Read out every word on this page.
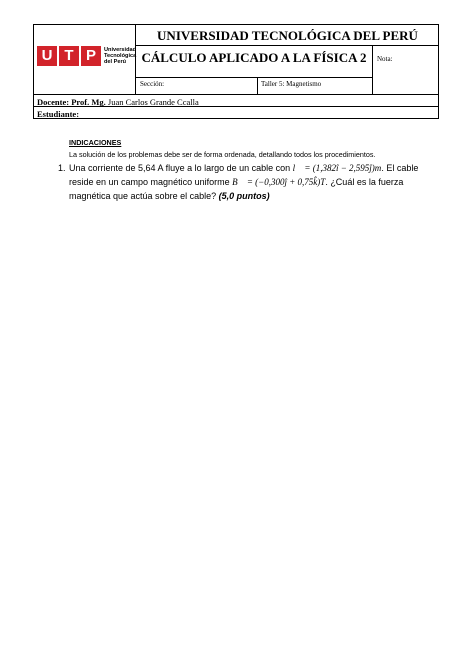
U T P	Universidad
Tecnológica
del Perú
UNIVERSIDAD TECNOLÓGICA DEL PERÚ
CÁLCULO APLICADO A LA FÍSICA 2	Nota:
Sección:	Taller 5: Magnetismo
Docente: Prof. Mg. Juan Carlos Grande Ccalla
Estudiante:
INDICACIONES
La solución de los problemas debe ser de forma ordenada, detallando todos los procedimientos.
1. Una corriente de 5,64 A fluye a lo largo de un cable con l⃗ = (1,382î − 2,595ĵ)m. El cable
reside en un campo magnético uniforme B⃗ = (−0,300ĵ + 0,75k̂)T. ¿Cuál es la fuerza
magnética que actúa sobre el cable? (5,0 puntos)
